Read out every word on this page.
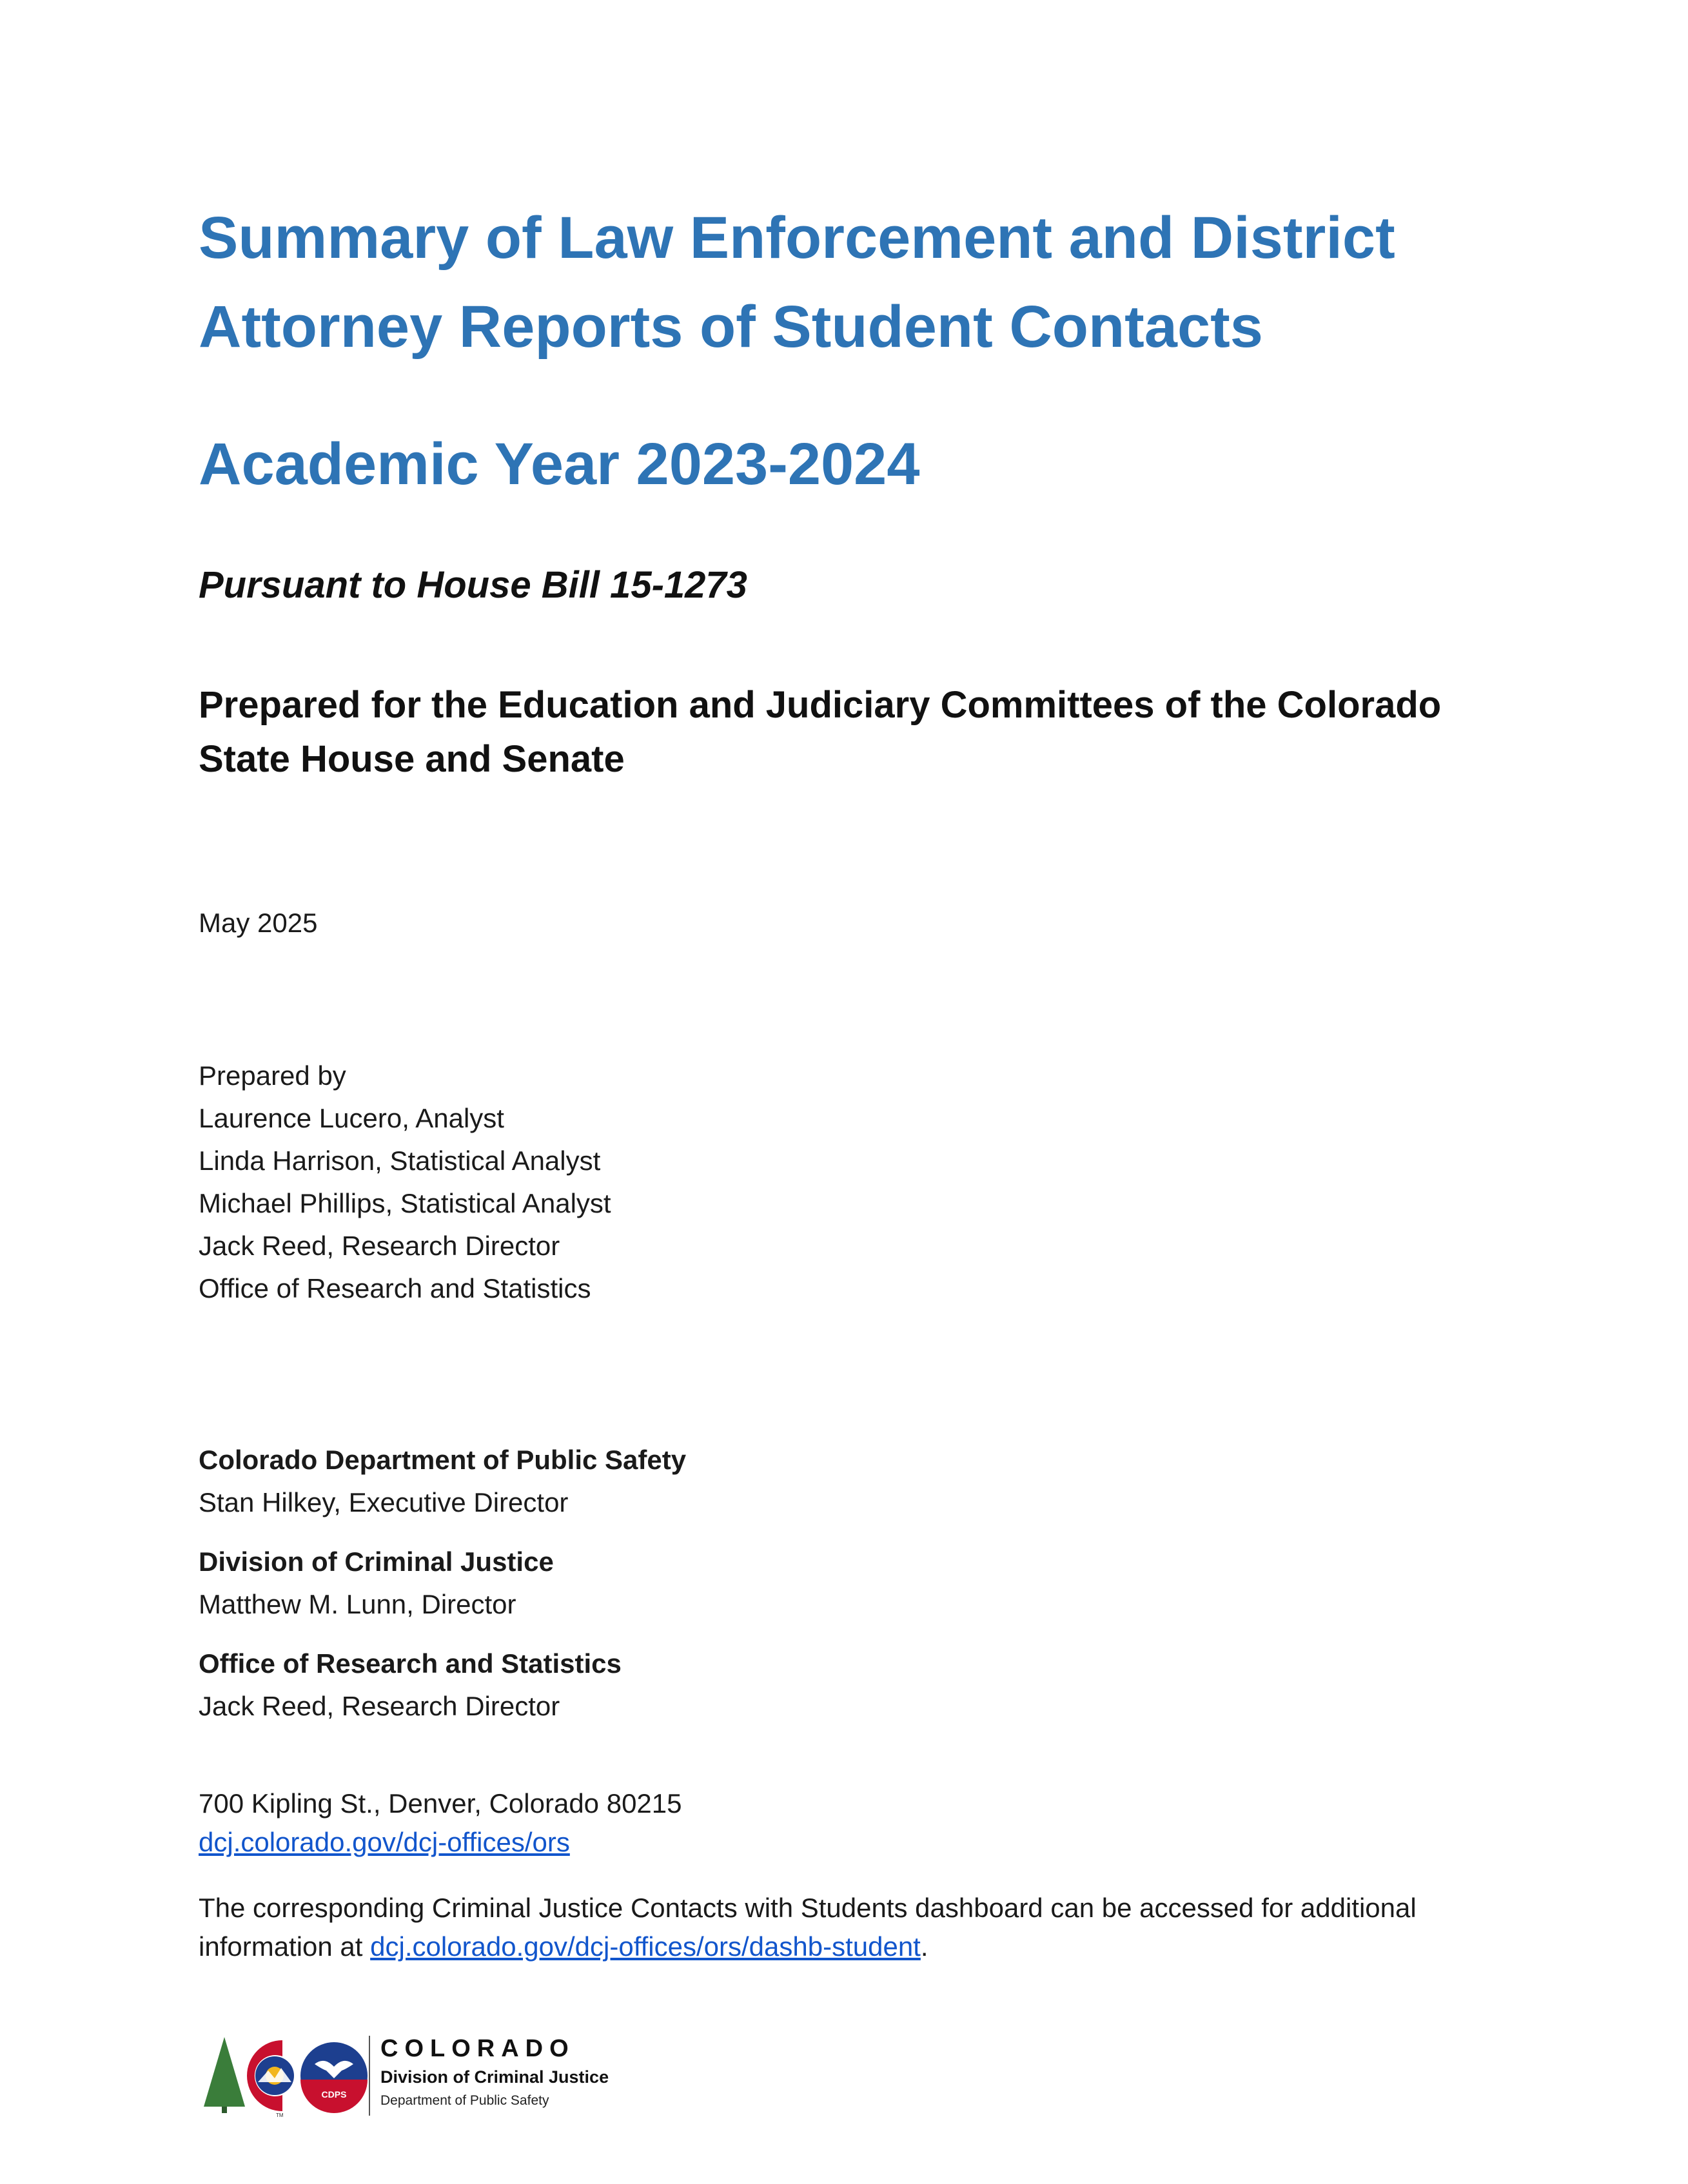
Summary of Law Enforcement and District
Attorney Reports of Student Contacts
Academic Year 2023-2024
Pursuant to House Bill 15-1273
Prepared for the Education and Judiciary Committees of the Colorado
State House and Senate
May 2025
Prepared by
Laurence Lucero, Analyst
Linda Harrison, Statistical Analyst
Michael Phillips, Statistical Analyst
Jack Reed, Research Director
Office of Research and Statistics
Colorado Department of Public Safety
Stan Hilkey, Executive Director
Division of Criminal Justice
Matthew M. Lunn, Director
Office of Research and Statistics
Jack Reed, Research Director
700 Kipling St., Denver, Colorado 80215
dcj.colorado.gov/dcj-offices/ors
The corresponding Criminal Justice Contacts with Students dashboard can be accessed for additional information at dcj.colorado.gov/dcj-offices/ors/dashb-student.
TM
CDPS
COLORADO
Division of Criminal Justice
Department of Public Safety
